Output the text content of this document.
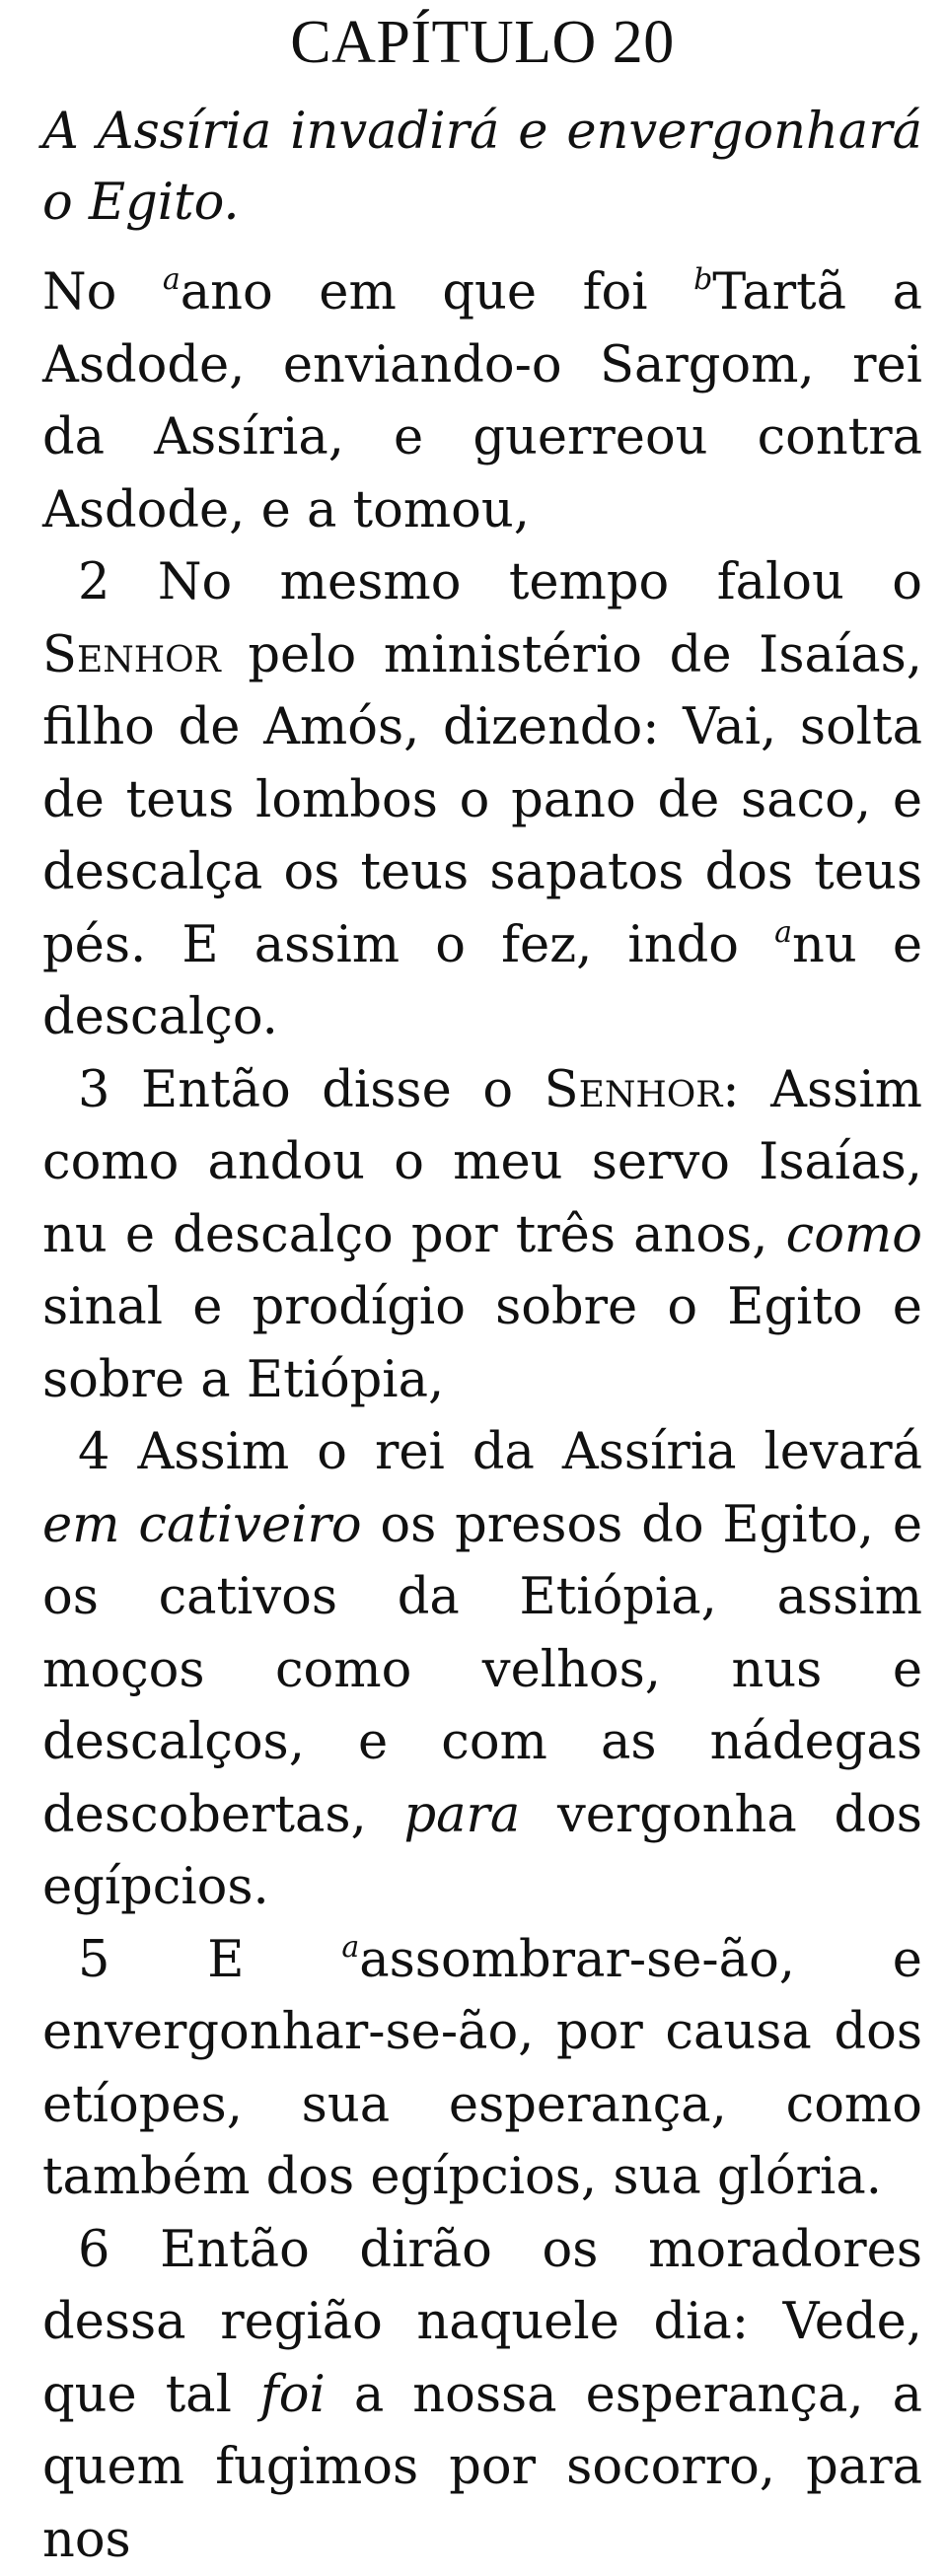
CAPÍTULO 20

A Assíria invadirá e envergonhará o Egito.

No $^a$ano em que foi $^b$Tartã a Asdode, enviando-o Sargom, rei da Assíria, e guerreou contra Asdode, e a tomou,

2 No mesmo tempo falou o Senhor pelo ministério de Isaías, filho de Amós, dizendo: Vai, solta de teus lombos o pano de saco, e descalça os teus sapatos dos teus pés. E assim o fez, indo $^a$nu e descalço.

3 Então disse o Senhor: Assim como andou o meu servo Isaías, nu e descalço por três anos, como sinal e prodígio sobre o Egito e sobre a Etiópia,

4 Assim o rei da Assíria levará em cativeiro os presos do Egito, e os cativos da Etiópia, assim moços como velhos, nus e descalços, e com as nádegas descobertas, para vergonha dos egípcios.

5 E $^a$assombrar-se-ão, e envergonhar-se-ão, por causa dos etíopes, sua esperança, como também dos egípcios, sua glória.

6 Então dirão os moradores dessa região naquele dia: Vede, que tal foi a nossa esperança, a quem fugimos por socorro, para nos
